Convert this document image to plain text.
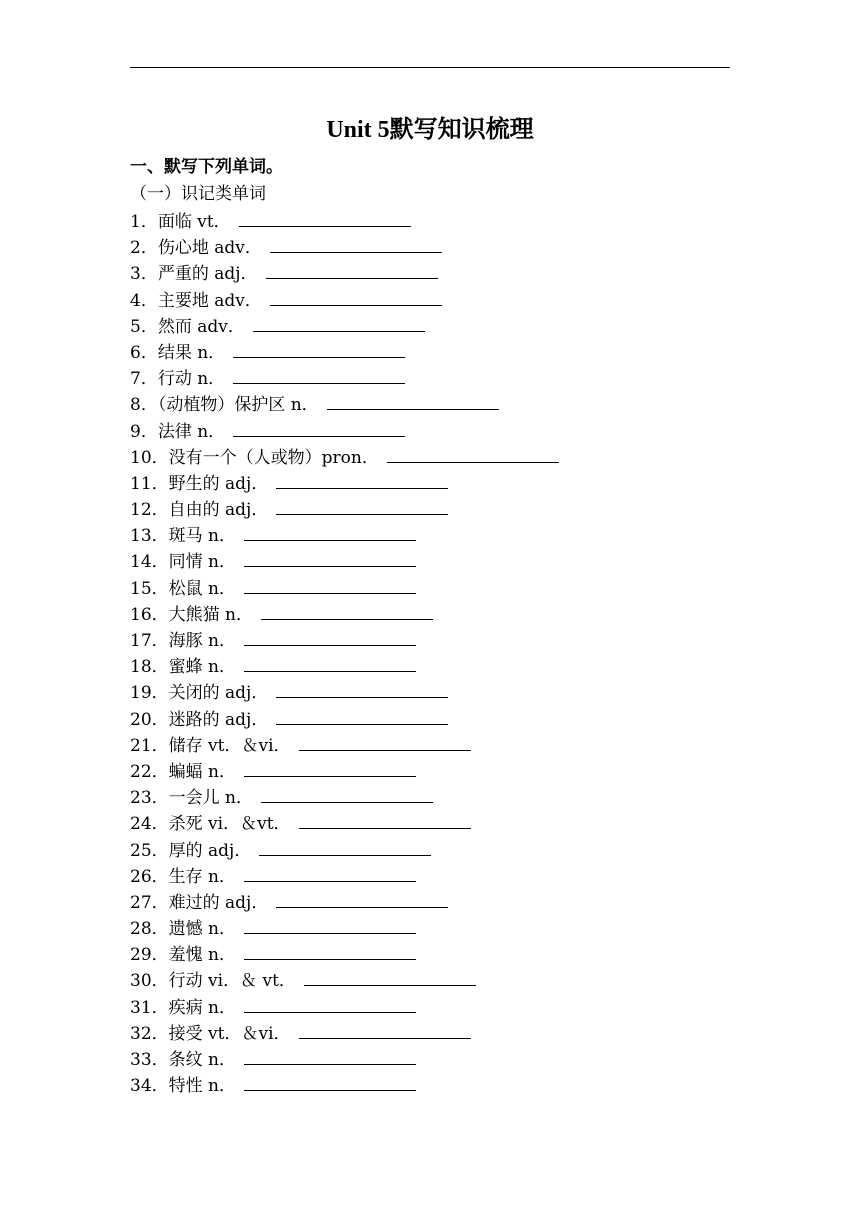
Unit 5默写知识梳理
一、默写下列单词。
（一）识记类单词
1．面临 vt．
2．伤心地 adv．
3．严重的 adj．
4．主要地 adv．
5．然而 adv．
6．结果 n．
7．行动 n．
8．（动植物）保护区 n．
9．法律 n．
10．没有一个（人或物）pron．
11．野生的 adj．
12．自由的 adj．
13．斑马 n．
14．同情 n．
15．松鼠 n．
16．大熊猫 n．
17．海豚 n．
18．蜜蜂 n．
19．关闭的 adj．
20．迷路的 adj．
21．储存 vt．＆vi．
22．蝙蝠 n．
23．一会儿 n．
24．杀死 vi．＆vt．
25．厚的 adj．
26．生存 n．
27．难过的 adj．
28．遗憾 n．
29．羞愧 n．
30．行动 vi．＆ vt．
31．疾病 n．
32．接受 vt．＆vi．
33．条纹 n．
34．特性 n．
